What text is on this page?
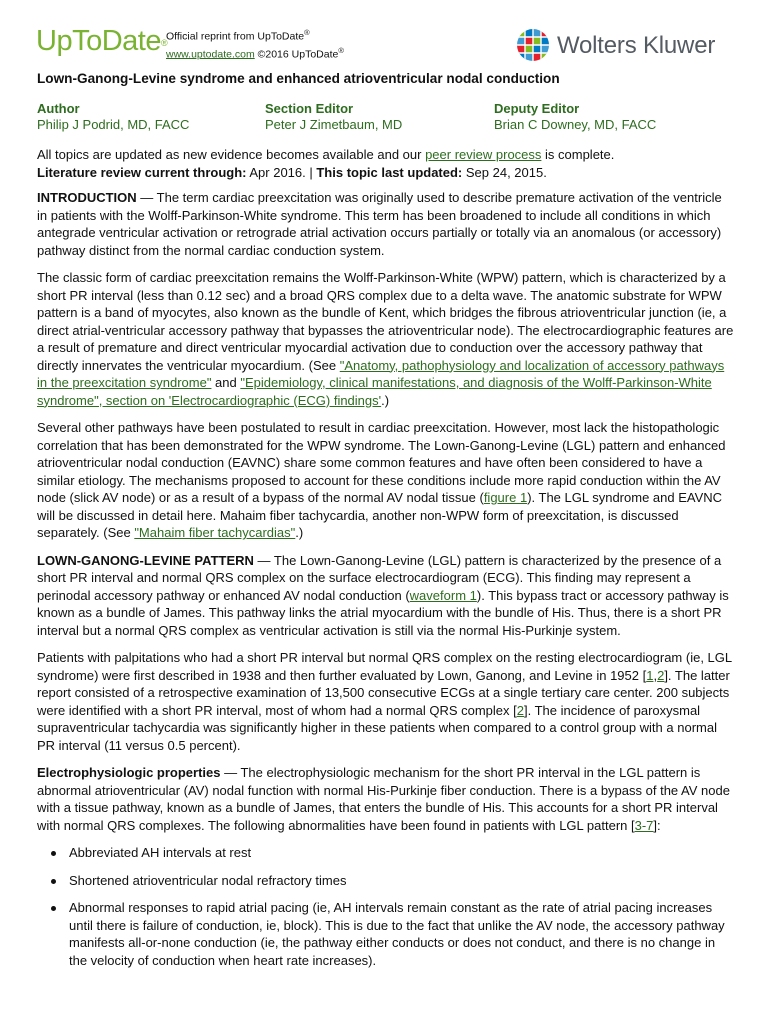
UpToDate®
Official reprint from UpToDate®
www.uptodate.com ©2016 UpToDate®	Wolters Kluwer
Lown-Ganong-Levine syndrome and enhanced atrioventricular nodal conduction
Author
Philip J Podrid, MD, FACC
Section Editor
Peter J Zimetbaum, MD
Deputy Editor
Brian C Downey, MD, FACC
All topics are updated as new evidence becomes available and our peer review process is complete.
Literature review current through: Apr 2016. | This topic last updated: Sep 24, 2015.

INTRODUCTION — The term cardiac preexcitation was originally used to describe premature activation of the ventricle in patients with the Wolff-Parkinson-White syndrome. This term has been broadened to include all conditions in which antegrade ventricular activation or retrograde atrial activation occurs partially or totally via an anomalous (or accessory) pathway distinct from the normal cardiac conduction system.

The classic form of cardiac preexcitation remains the Wolff-Parkinson-White (WPW) pattern, which is characterized by a short PR interval (less than 0.12 sec) and a broad QRS complex due to a delta wave. The anatomic substrate for WPW pattern is a band of myocytes, also known as the bundle of Kent, which bridges the fibrous atrioventricular junction (ie, a direct atrial-ventricular accessory pathway that bypasses the atrioventricular node). The electrocardiographic features are a result of premature and direct ventricular myocardial activation due to conduction over the accessory pathway that directly innervates the ventricular myocardium. (See "Anatomy, pathophysiology and localization of accessory pathways in the preexcitation syndrome" and "Epidemiology, clinical manifestations, and diagnosis of the Wolff-Parkinson-White syndrome", section on 'Electrocardiographic (ECG) findings'.)

Several other pathways have been postulated to result in cardiac preexcitation. However, most lack the histopathologic correlation that has been demonstrated for the WPW syndrome. The Lown-Ganong-Levine (LGL) pattern and enhanced atrioventricular nodal conduction (EAVNC) share some common features and have often been considered to have a similar etiology. The mechanisms proposed to account for these conditions include more rapid conduction within the AV node (slick AV node) or as a result of a bypass of the normal AV nodal tissue (figure 1). The LGL syndrome and EAVNC will be discussed in detail here. Mahaim fiber tachycardia, another non-WPW form of preexcitation, is discussed separately. (See "Mahaim fiber tachycardias".)

LOWN-GANONG-LEVINE PATTERN — The Lown-Ganong-Levine (LGL) pattern is characterized by the presence of a short PR interval and normal QRS complex on the surface electrocardiogram (ECG). This finding may represent a perinodal accessory pathway or enhanced AV nodal conduction (waveform 1). This bypass tract or accessory pathway is known as a bundle of James. This pathway links the atrial myocardium with the bundle of His. Thus, there is a short PR interval but a normal QRS complex as ventricular activation is still via the normal His-Purkinje system.

Patients with palpitations who had a short PR interval but normal QRS complex on the resting electrocardiogram (ie, LGL syndrome) were first described in 1938 and then further evaluated by Lown, Ganong, and Levine in 1952 [1,2]. The latter report consisted of a retrospective examination of 13,500 consecutive ECGs at a single tertiary care center. 200 subjects were identified with a short PR interval, most of whom had a normal QRS complex [2]. The incidence of paroxysmal supraventricular tachycardia was significantly higher in these patients when compared to a control group with a normal PR interval (11 versus 0.5 percent).

Electrophysiologic properties — The electrophysiologic mechanism for the short PR interval in the LGL pattern is abnormal atrioventricular (AV) nodal function with normal His-Purkinje fiber conduction. There is a bypass of the AV node with a tissue pathway, known as a bundle of James, that enters the bundle of His. This accounts for a short PR interval with normal QRS complexes. The following abnormalities have been found in patients with LGL pattern [3-7]:

Abbreviated AH intervals at rest
Shortened atrioventricular nodal refractory times
Abnormal responses to rapid atrial pacing (ie, AH intervals remain constant as the rate of atrial pacing increases until there is failure of conduction, ie, block). This is due to the fact that unlike the AV node, the accessory pathway manifests all-or-none conduction (ie, the pathway either conducts or does not conduct, and there is no change in the velocity of conduction when heart rate increases).
